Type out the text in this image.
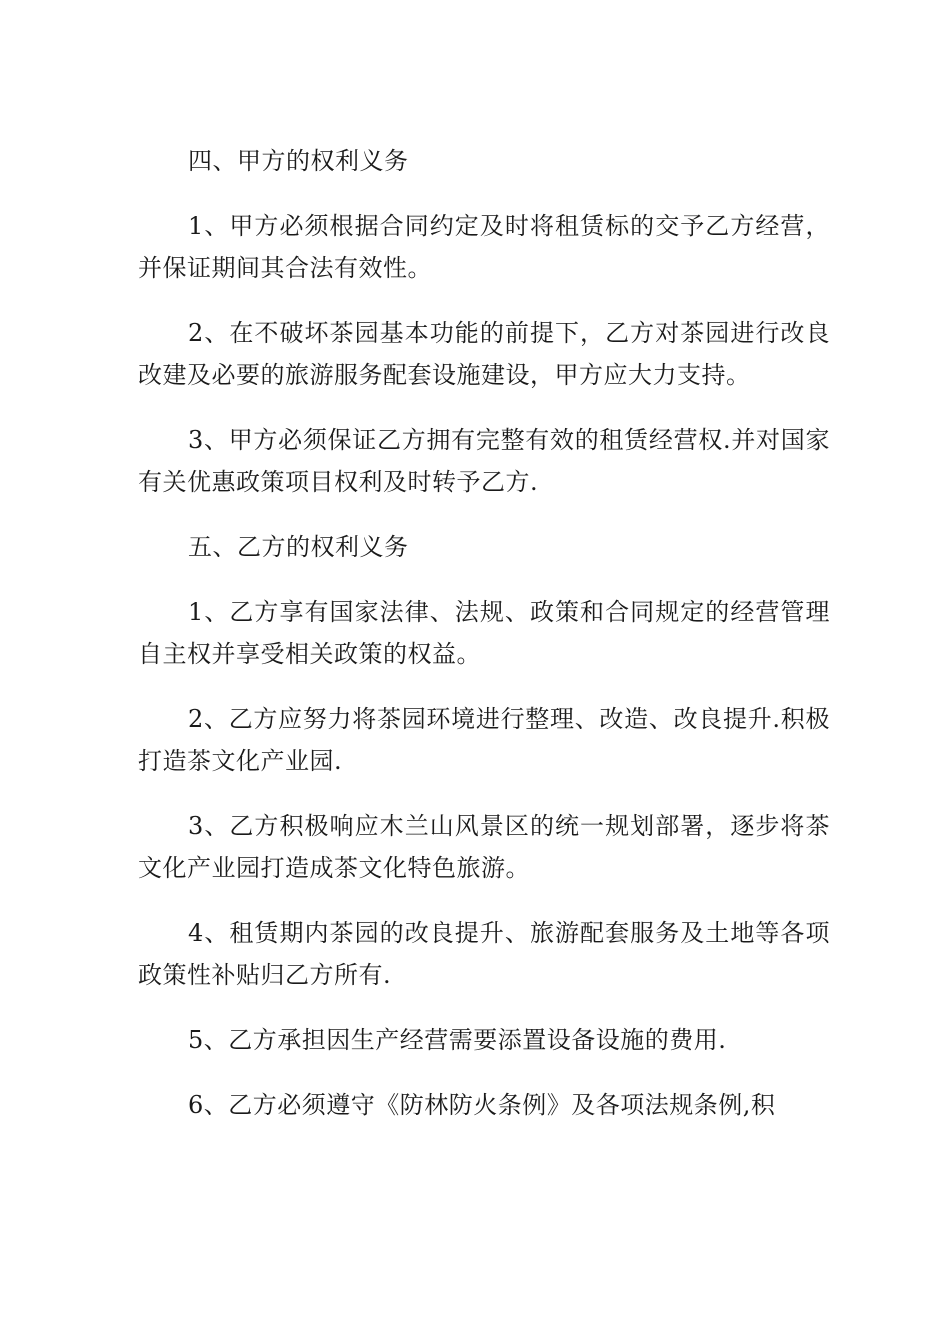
四、甲方的权利义务

1、甲方必须根据合同约定及时将租赁标的交予乙方经营，并保证期间其合法有效性。

2、在不破坏茶园基本功能的前提下，乙方对茶园进行改良改建及必要的旅游服务配套设施建设，甲方应大力支持。

3、甲方必须保证乙方拥有完整有效的租赁经营权.并对国家有关优惠政策项目权利及时转予乙方.

五、乙方的权利义务

1、乙方享有国家法律、法规、政策和合同规定的经营管理自主权并享受相关政策的权益。

2、乙方应努力将茶园环境进行整理、改造、改良提升.积极打造茶文化产业园.

3、乙方积极响应木兰山风景区的统一规划部署，逐步将茶文化产业园打造成茶文化特色旅游。

4、租赁期内茶园的改良提升、旅游配套服务及土地等各项政策性补贴归乙方所有.

5、乙方承担因生产经营需要添置设备设施的费用.

6、乙方必须遵守《防林防火条例》及各项法规条例,积
